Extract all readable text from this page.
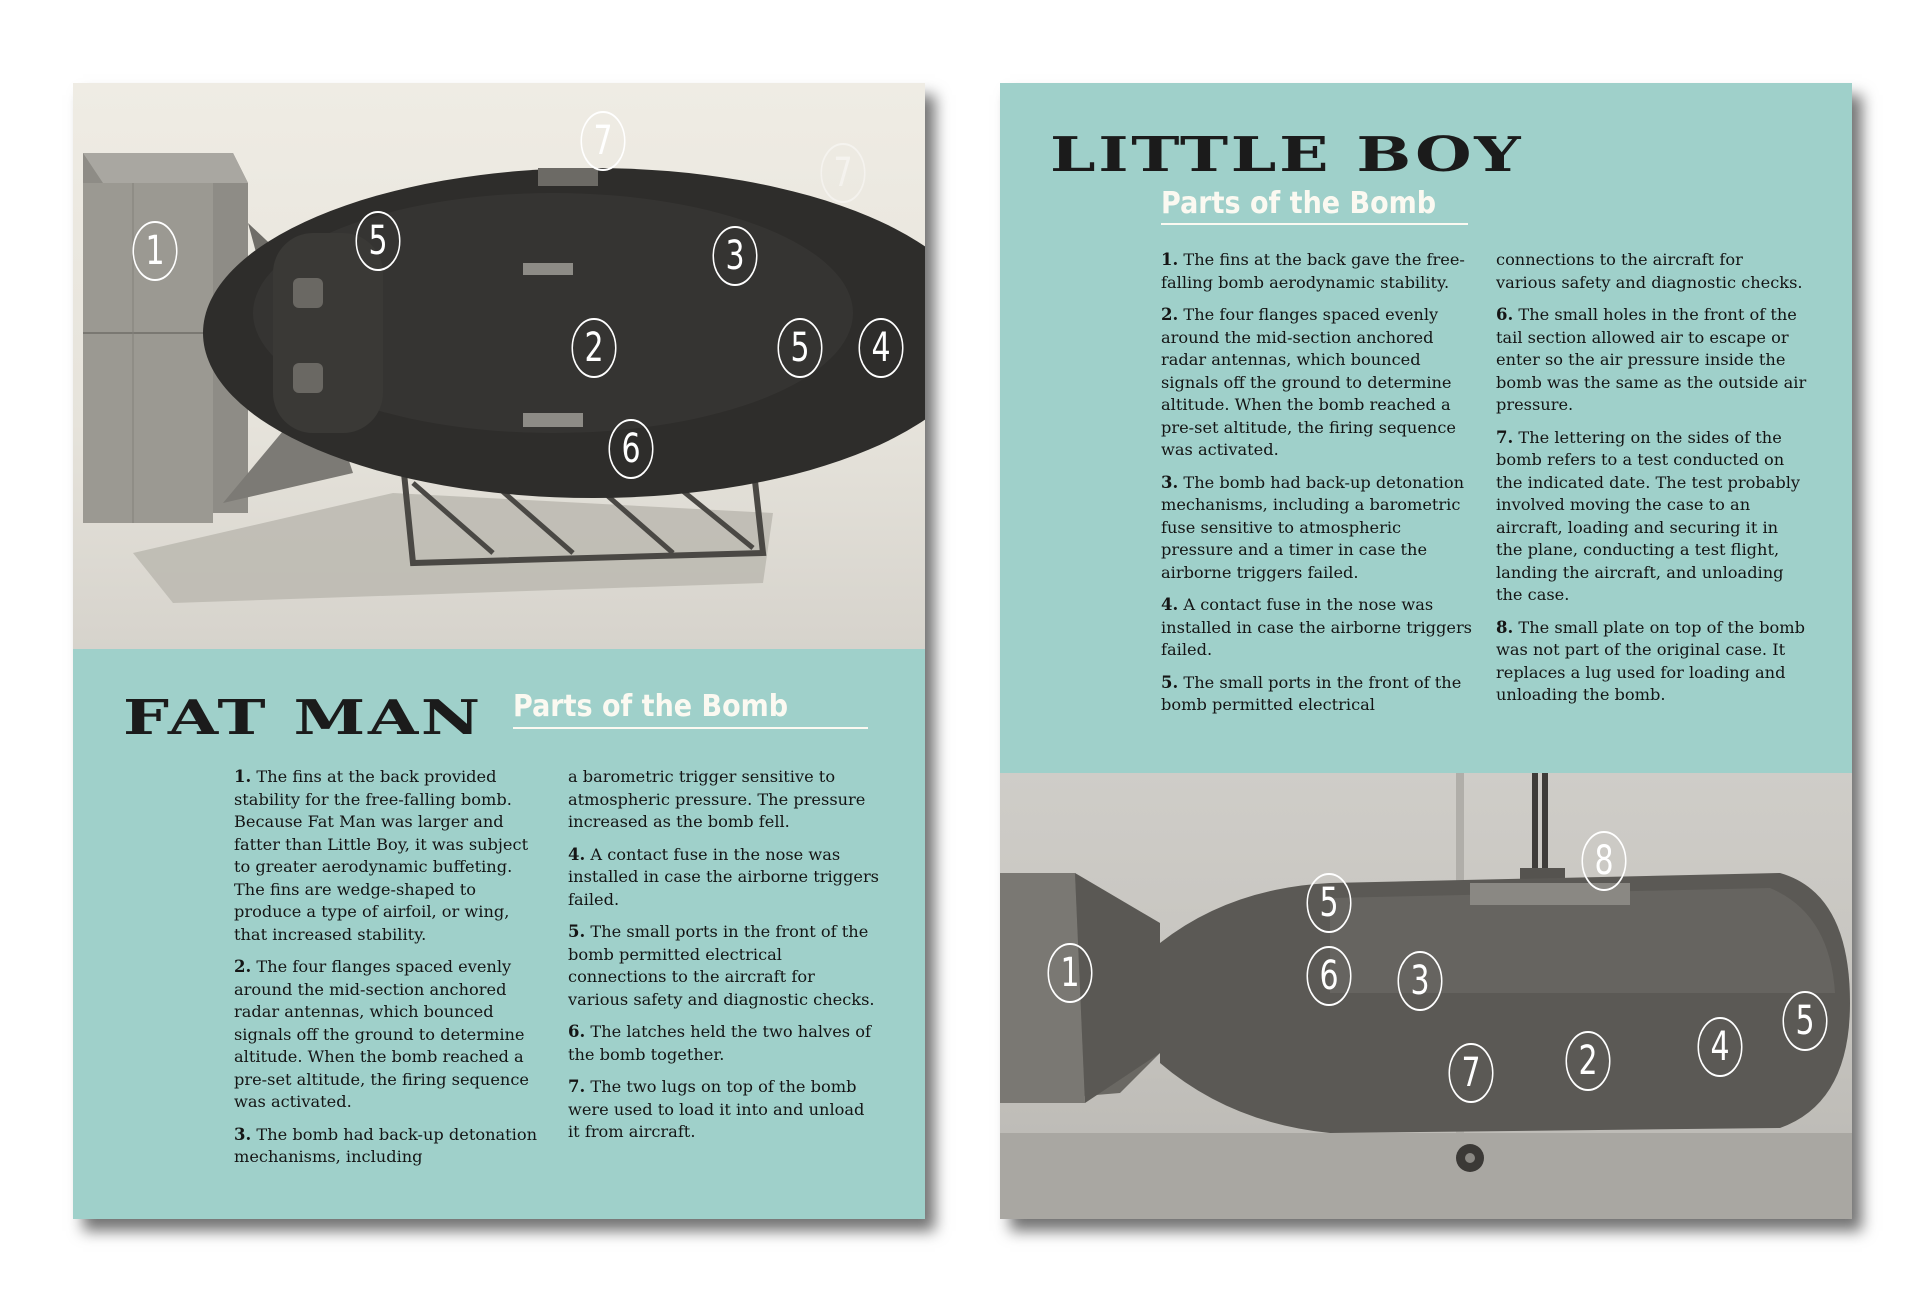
1	5
7
7
3
2	5	4
6
FAT MAN Parts of the Bomb

1. The fins at the back provided stability for the free-falling bomb. Because Fat Man was larger and fatter than Little Boy, it was subject to greater aerodynamic buffeting. The fins are wedge-shaped to produce a type of airfoil, or wing, that increased stability.

2. The four flanges spaced evenly around the mid-section anchored radar antennas, which bounced signals off the ground to determine altitude. When the bomb reached a pre-set altitude, the firing sequence was activated.

3. The bomb had back-up detonation mechanisms, including

a barometric trigger sensitive to atmospheric pressure. The pressure increased as the bomb fell.

4. A contact fuse in the nose was installed in case the airborne triggers failed.

5. The small ports in the front of the bomb permitted electrical connections to the aircraft for various safety and diagnostic checks.

6. The latches held the two halves of the bomb together.

7. The two lugs on top of the bomb were used to load it into and unload it from aircraft.

LITTLE BOY
Parts of the Bomb

1. The fins at the back gave the free-falling bomb aerodynamic stability.

2. The four flanges spaced evenly around the mid-section anchored radar antennas, which bounced signals off the ground to determine altitude. When the bomb reached a pre-set altitude, the firing sequence was activated.

3. The bomb had back-up detonation mechanisms, including a barometric fuse sensitive to atmospheric pressure and a timer in case the airborne triggers failed.

4. A contact fuse in the nose was installed in case the airborne triggers failed.

5. The small ports in the front of the bomb permitted electrical

connections to the aircraft for various safety and diagnostic checks.

6. The small holes in the front of the tail section allowed air to escape or enter so the air pressure inside the bomb was the same as the outside air pressure.

7. The lettering on the sides of the bomb refers to a test conducted on the indicated date. The test probably involved moving the case to an aircraft, loading and securing it in the plane, conducting a test flight, landing the aircraft, and unloading the case.

8. The small plate on top of the bomb was not part of the original case. It replaces a lug used for loading and unloading the bomb.

5
8
1	6	3
5
4
2
7
